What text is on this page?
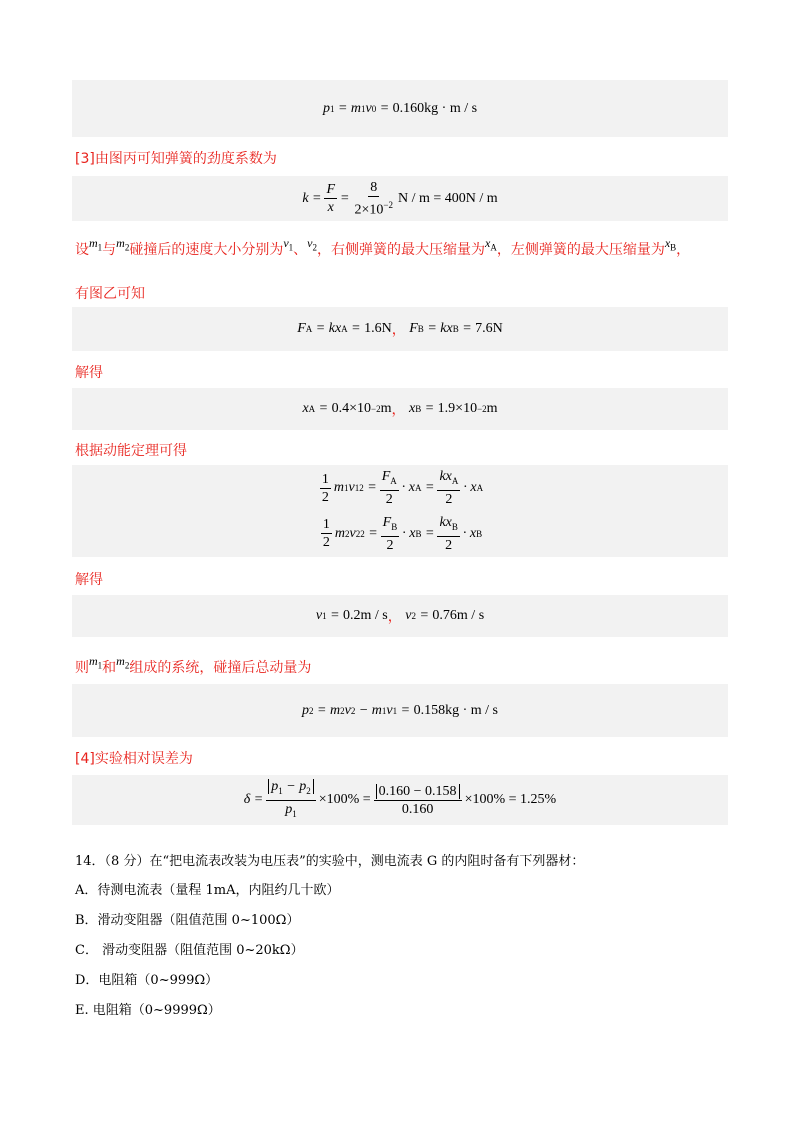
p 1 = m 1 v 0 = 0.160kg · m / s
[3]由图丙可知弹簧的劲度系数为
$k = \frac{F}{x} = \frac{8}{2\times 10^{-2}}$ N / m = 400N / m
设$m_1$与$m_2$碰撞后的速度大小分别为$v_1$、$v_2$，右侧弹簧的最大压缩量为$x_A$，左侧弹簧的最大压缩量为$x_B$，
有图乙可知
F A = kx A = 1.6N ， F B = kx B = 7.6N
解得
x A = 0.4×10 −2 m ， x B = 1.9×10 −2 m
根据动能定理可得
$\frac{1}{2}$ m 1 v 1 $2 = \frac{F_A}{2} \cdot x$ $A = \frac{kx_A}{2} \cdot x$ A
$\frac{1}{2}$ m 2 v 2 $2 = \frac{F_B}{2} \cdot x$ $B = \frac{kx_B}{2} \cdot x$ B
解得
v 1 = 0.2m / s ， v 2 = 0.76m / s
则$m_1$和$m_2$组成的系统，碰撞后总动量为
p 2 = m 2 v 2 − m 1 v 1 = 0.158kg · m / s
[4]实验相对误差为
$\delta = \frac{p_1 - p_2}{p_1} \times 100\% = \frac{0.160 - 0.158}{0.160} \times 100\% = 1.25\%$
14．（8 分）在“把电流表改装为电压表”的实验中，测电流表 G 的内阻时备有下列器材：
A．待测电流表（量程 1mA，内阻约几十欧）
B．滑动变阻器（阻值范围 0~100Ω）
C． 滑动变阻器（阻值范围 0~20kΩ）
D．电阻箱（0~999Ω）
E. 电阻箱（0~9999Ω）
